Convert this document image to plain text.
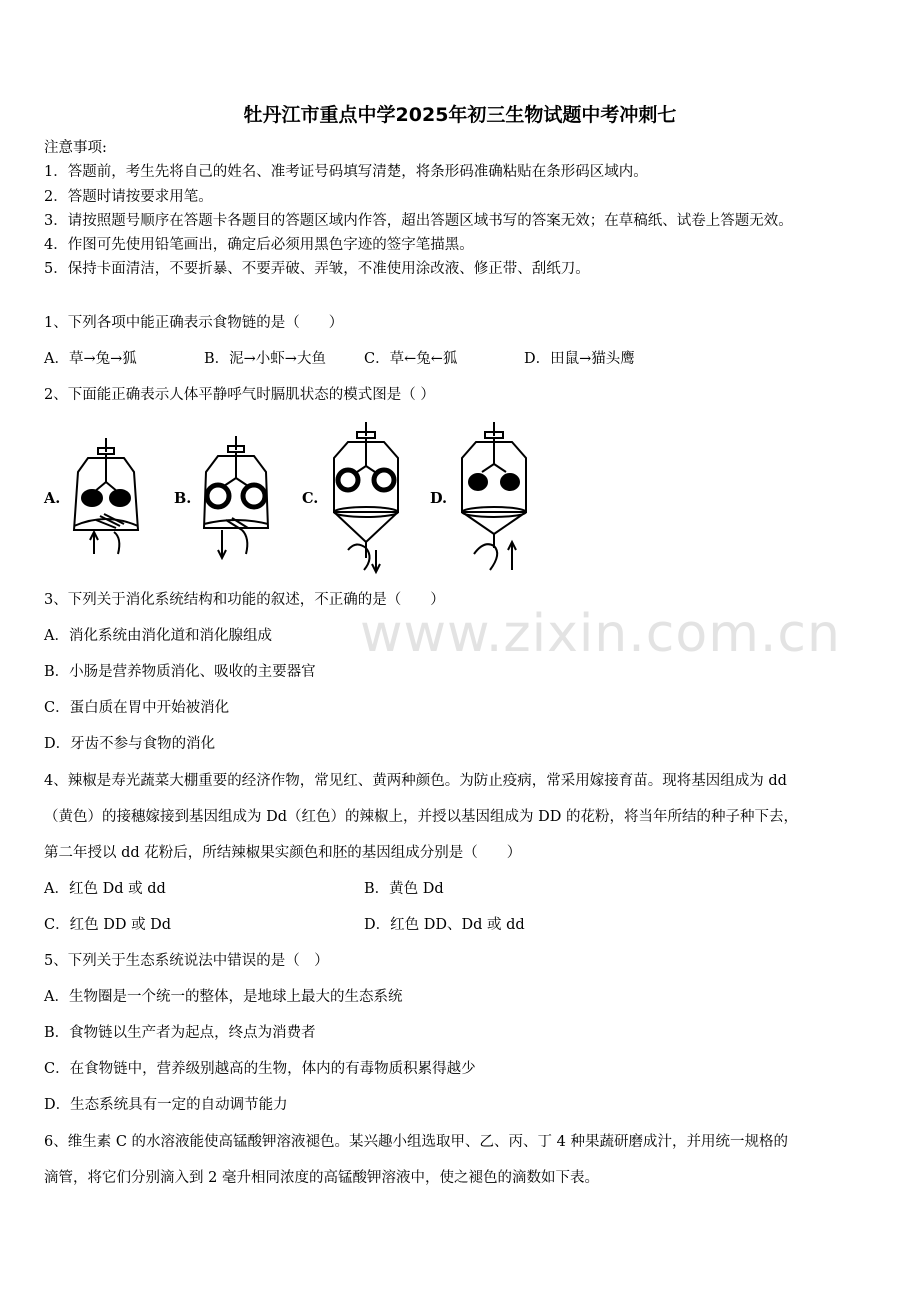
www.zixin.com.cn
牡丹江市重点中学2025年初三生物试题中考冲刺七
注意事项:
1．答题前，考生先将自己的姓名、准考证号码填写清楚，将条形码准确粘贴在条形码区域内。
2．答题时请按要求用笔。
3．请按照题号顺序在答题卡各题目的答题区域内作答，超出答题区域书写的答案无效；在草稿纸、试卷上答题无效。
4．作图可先使用铅笔画出，确定后必须用黑色字迹的签字笔描黑。
5．保持卡面清洁，不要折暴、不要弄破、弄皱，不准使用涂改液、修正带、刮纸刀。
1、下列各项中能正确表示食物链的是（　　）
A．草→兔→狐	B．泥→小虾→大鱼	C．草←兔←狐	D．田鼠→猫头鹰
2、下面能正确表示人体平静呼气时膈肌状态的模式图是（ ）
A.	B.	C.	D.
3、下列关于消化系统结构和功能的叙述，不正确的是（　　）
A．消化系统由消化道和消化腺组成
B．小肠是营养物质消化、吸收的主要器官
C．蛋白质在胃中开始被消化
D．牙齿不参与食物的消化
4、辣椒是寿光蔬菜大棚重要的经济作物，常见红、黄两种颜色。为防止疫病，常采用嫁接育苗。现将基因组成为 dd
（黄色）的接穗嫁接到基因组成为 Dd（红色）的辣椒上，并授以基因组成为 DD 的花粉，将当年所结的种子种下去，
第二年授以 dd 花粉后，所结辣椒果实颜色和胚的基因组成分别是（　　）
A．红色 Dd 或 dd	B．黄色 Dd
C．红色 DD 或 Dd	D．红色 DD、Dd 或 dd
5、下列关于生态系统说法中错误的是（　）
A．生物圈是一个统一的整体，是地球上最大的生态系统
B．食物链以生产者为起点，终点为消费者
C．在食物链中，营养级别越高的生物，体内的有毒物质积累得越少
D．生态系统具有一定的自动调节能力
6、维生素 C 的水溶液能使高锰酸钾溶液褪色。某兴趣小组选取甲、乙、丙、丁 4 种果蔬研磨成汁，并用统一规格的
滴管，将它们分别滴入到 2 毫升相同浓度的高锰酸钾溶液中，使之褪色的滴数如下表。
